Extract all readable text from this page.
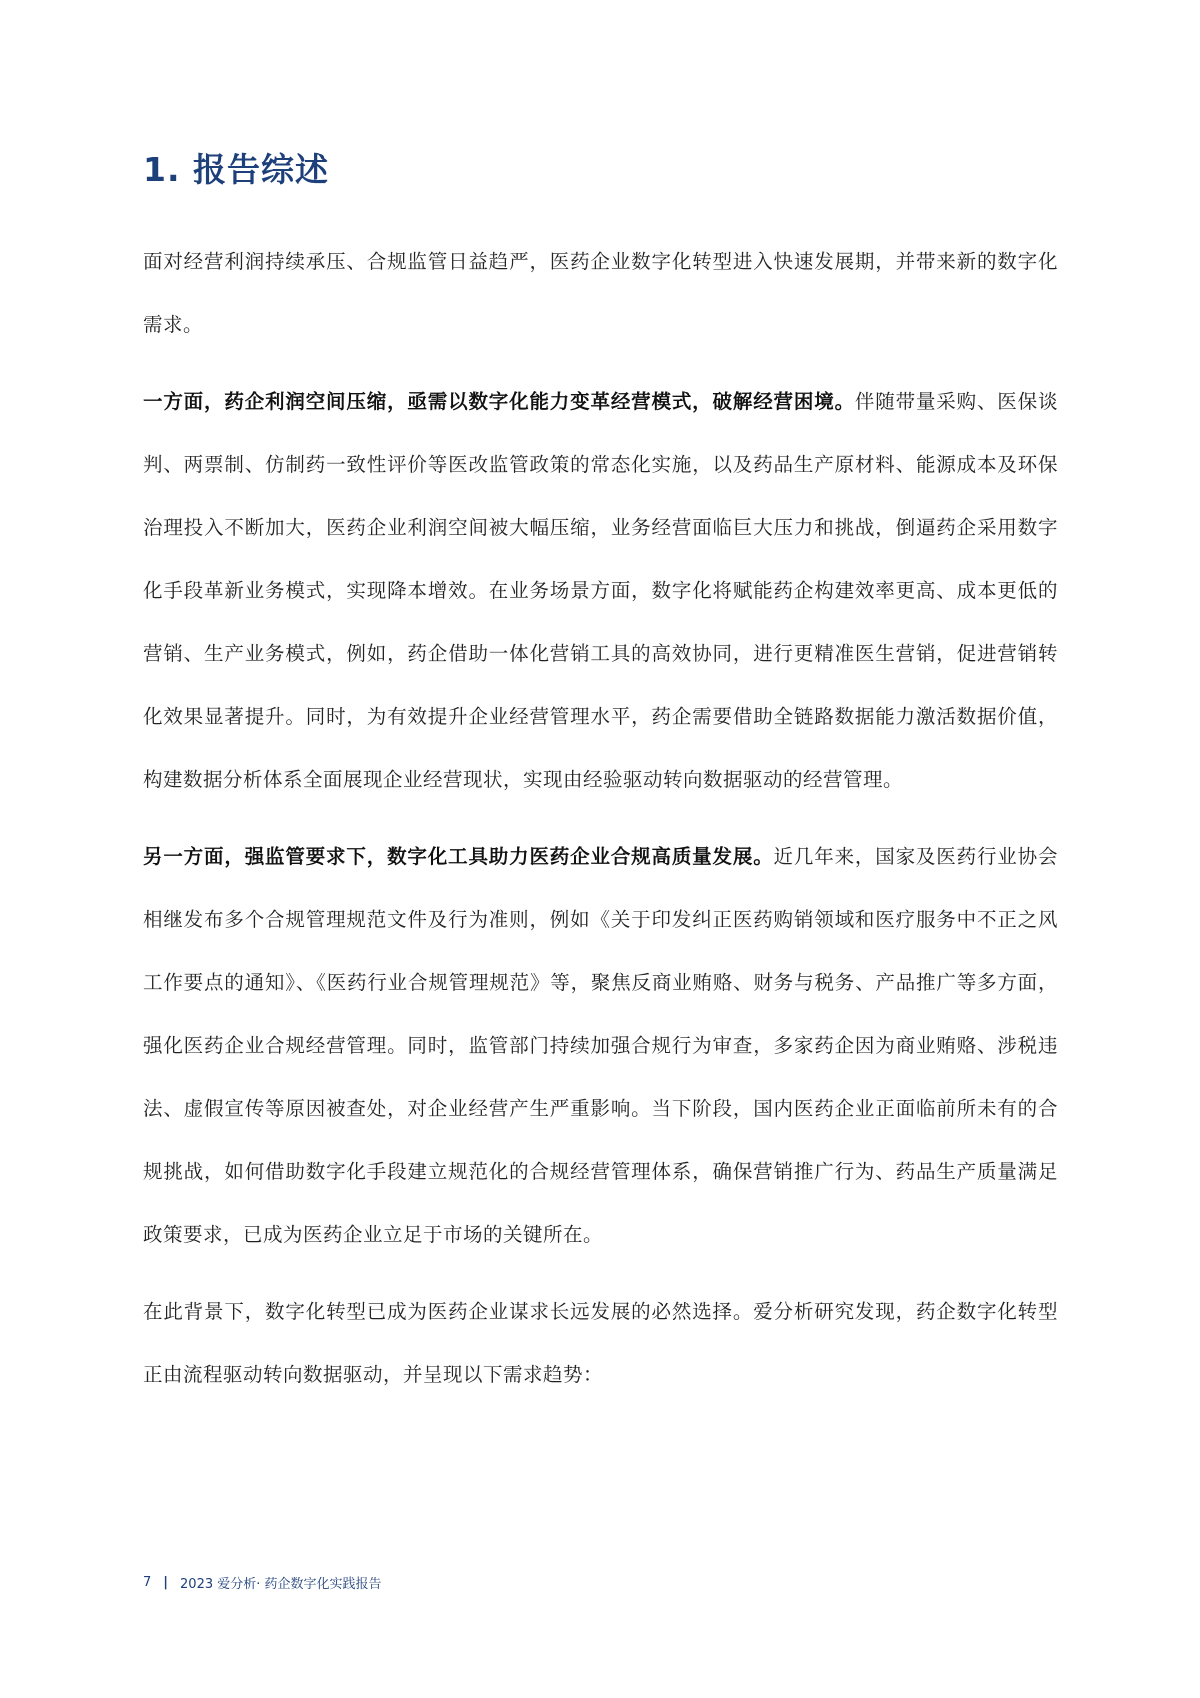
1. 报告综述

面对经营利润持续承压、合规监管日益趋严，医药企业数字化转型进入快速发展期，并带来新的数字化需求。

一方面，药企利润空间压缩，亟需以数字化能力变革经营模式，破解经营困境。伴随带量采购、医保谈判、两票制、仿制药一致性评价等医改监管政策的常态化实施，以及药品生产原材料、能源成本及环保治理投入不断加大，医药企业利润空间被大幅压缩，业务经营面临巨大压力和挑战，倒逼药企采用数字化手段革新业务模式，实现降本增效。在业务场景方面，数字化将赋能药企构建效率更高、成本更低的营销、生产业务模式，例如，药企借助一体化营销工具的高效协同，进行更精准医生营销，促进营销转化效果显著提升。同时，为有效提升企业经营管理水平，药企需要借助全链路数据能力激活数据价值，构建数据分析体系全面展现企业经营现状，实现由经验驱动转向数据驱动的经营管理。

另一方面，强监管要求下，数字化工具助力医药企业合规高质量发展。近几年来，国家及医药行业协会相继发布多个合规管理规范文件及行为准则，例如《关于印发纠正医药购销领域和医疗服务中不正之风工作要点的通知》、《医药行业合规管理规范》等，聚焦反商业贿赂、财务与税务、产品推广等多方面，强化医药企业合规经营管理。同时，监管部门持续加强合规行为审查，多家药企因为商业贿赂、涉税违法、虚假宣传等原因被查处，对企业经营产生严重影响。当下阶段，国内医药企业正面临前所未有的合规挑战，如何借助数字化手段建立规范化的合规经营管理体系，确保营销推广行为、药品生产质量满足政策要求，已成为医药企业立足于市场的关键所在。

在此背景下，数字化转型已成为医药企业谋求长远发展的必然选择。爱分析研究发现，药企数字化转型正由流程驱动转向数据驱动，并呈现以下需求趋势：

7 | 2023 爱分析· 药企数字化实践报告
